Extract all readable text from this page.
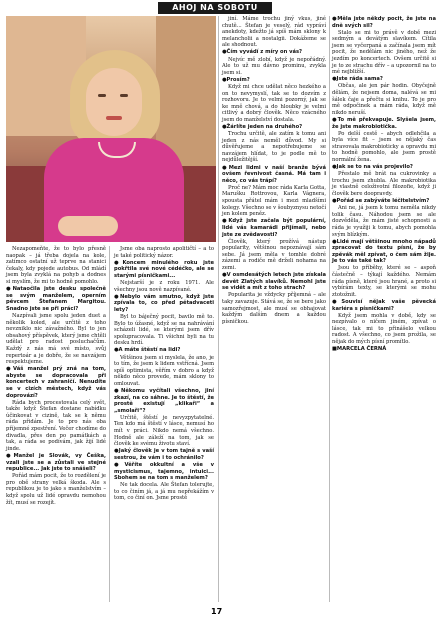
AHOJ NA SOBOTU

Nezapomeňte, že to bylo přesně naopak – já třeba dojela na kole, zatímco ostatní už teprve na stanici čekaly, kdy pojede autobus. Od mládí jsem byla zvyklá na pohyb a dodnes si myslím, že mi to hodně pomohlo.

● Nataočila jste desku společně se svým manželem, operním pěvcem Štefanem Margitou. Snadno jste se při práci?

Nazpívali jsme spolu jeden duet a několik koled, ale určitě z toho nevzniklo nic závažného. Byl to jen obsahový příspěvek, který jsme chtěli udělat pro radost posluchačům. Každý z nás má své místo, svůj repertoár a je dobře, že se navzájem respektujeme.

● Váš manžel prý zná na tom, abyste se dopracovala při koncertech v zahraničí. Nenudíte se v cizích městech, když vás doprovází?

Ráda bych procestovala celý svět, takže když Štefan dostane nabídku účinkovat v cizině, tak se k němu ráda přidám. Je to pro nás oba příjemné zpestření. Večer chodíme do divadla, přes den po památkách a tak, a ráda se podívám, jak žijí lidé jinde.

● Manžel je Slovák, vy Češka, vzali jste se a zůstali ve stejné republice... Jak jste to snášeli?

Pořád mám pocit, že to rozdělení je pro obě strany velká škoda. Ale s republikou je to jako s manželstvím – když spolu už lidé opravdu nemohou žít, musí se rozejít.

Jsme oba naprosto apolitičtí – a to je také politický názor.

● Koncem minulého roku jste pokřtila své nové cédéčko, ale se starými písničkami...

Nejstarší je z roku 1971. Ale všechny jsou nově nazpívané.

● Nebylo vám smutno, když jste zpívala to, co před pětadvaceti lety?

Byl to báječný pocit, bavilo mě to. Bylo to úžasné, když se na nahrávání scházeli lidé, se kterými jsem dřív spolupracovala. Ti všichni byli na tu desku hrdí.

● A máte štěstí na lidi?

Většinou jsem si myslela, že ano, je to tím, že jsem k lidem vstřícná. Jsem spíš optimista, věřím v dobro a když někdo něco provede, mám sklony to omlouvat.

● Někomu vyčítali všechno, jiní zkazí, na co sáhne. Je to štěstí, že prostě existují „klikaři“ a „smolaři“?

Určitě, štěstí je nevyzpytatelné. Ten kdo má štěstí v lásce, nemusí ho mít v práci. Nikdo nemá všechno. Hodně ale záleží na tom, jak se člověk ke svému životu staví.

● Jaký člověk je v tom tajně s vaší sestrou, že vám i to ochránilo?

● Věříte okkultní a vše v mysticismus, tajemno, intuici... Sbohem se na tom s manželem?

Ne tak docela. Ale Štefan tolerujte, to co činím já, a já mu nepřekážím v tom, co činí on. Jsme prostě

jiní. Máme trochu jiný vkus, jiné chutě... Štefan je veselý, rád vypráví anekdoty, kdežto já spíš mám sklony k melancholii a nostalgii. Dokážeme se ale shodnout.

● Čím vyvádí z míry on vás?

Nejvíc mě zlobí, když je nepořádný. Ale to už mu dávno prominu, zvykla jsem si.

● Prosím?

Když mi chce udělat něco hezkého a on to nevymyslí, tak se to dozvím z rozhovoru. Je to velmi pozorný, jak se ke mně chová, a do hloubky je velmi citlivý a dobrý člověk. Něco vzácného jsem do manželství dostala.

● Žárlíte jeden na druhého?

Trochu určitě, ale zatím k tomu ani jeden z nás neměl důvod. My si důvěřujeme a nepotřebujeme se navzájem hlídat, to je podle mě to nejdůležitější.

● Mezi lidmi v naší branže bývá ovšem řevnivost časná. Má tam i něco, co vás trápí?

Proč ne? Mám moc ráda Karla Gotta, Marušku Rottrovou, Karla Vágnera, spousta přátel mám i mezi mladšími kolegy. Všechno se v šoubyznysu netočí jen kolem peněz.

● Když jste začala být populární, lidé vás kamarádi přijímali, nebo jste ze zvědavosti?

Člověk, který prožívá nástup popularity, většinou nepoznávají sám sebe. Já jsem měla v tomhle dobré zázemí a rodiče mě drželi nohama na zemi.

● V osmdesátých letech jste získala devět Zlatých slavíků. Nemohl jste se vidět a mít z toho strach?

Popularita je vždycky příjemná – ale taky zavazuje. Stává se, že se bere jako samozřejmost, ale musí se obhajovat každým dalším dnem a každou písničkou.

● Měla jste někdy pocit, že jste na dně svých sil?

Stalo se mi to právě v době mezi sedmým a devátým slavíkem. Cítila jsem se vyčerpaná a začínala jsem mít pocit, že nedělám nic jiného, než že jezdím po koncertech. Ovšem určitě si je to ze strachu dřív – a upozornil na to mé nejbližší.

● Jste ráda sama?

Občas, ale jen pár hodin. Obyčejně dělám, že nejsem doma, nalévá se mi šálek čaje a přečtu si knihu. To je pro mě odpočinek a mám ráda, když mě nikdo neruší.

● To mě překvapuje. Slyšela jsem, že jste makrobiotička.

Po delší cestě – abych odlehčila a byla více fit – jsem se nějaký čas stravovala makrobioticky a opravdu mi to hodně pomohlo, ale jsem prostě normální žena.

● Jak se to na vás projevilo?

Přestalo mě brát na cukrovinky a trochu jsem zhubla. Ale makrobiotika je vlastně celoživotní filozofie, když ji člověk bere doopravdy.

● Pořád se zabýváte léčitelstvím?

Ani ne, já jsem k tomu neměla nikdy tolik času. Náhodou jsem se ale dozvěděla, že mám jisté schopnosti a ráda je využiji k tomu, abych pomohla svým blízkým.

● Lidé mají většinou mnoho nápadů zpracovat do textu písní, že by zpěvák měl zpívat, o čem sám žije. Je to vás také tak?

Jsou to příběhy, které se – aspoň částečně – týkají každého. Nemám ráda písně, které jsou hrané, a proto si vybírám texty, se kterými se mohu ztotožnit.

● Souvisí nějak vaše pěvecká kariéra s písničkami?

Když jsem mohla v době, kdy se nezpívalo o ničem jiném, zpívat o lásce, tak mi to přinášelo velkou radost. A všechno, co jsem prožila, se nějak do mých písní promítlo.

■ MARCELA ČERNÁ

17
